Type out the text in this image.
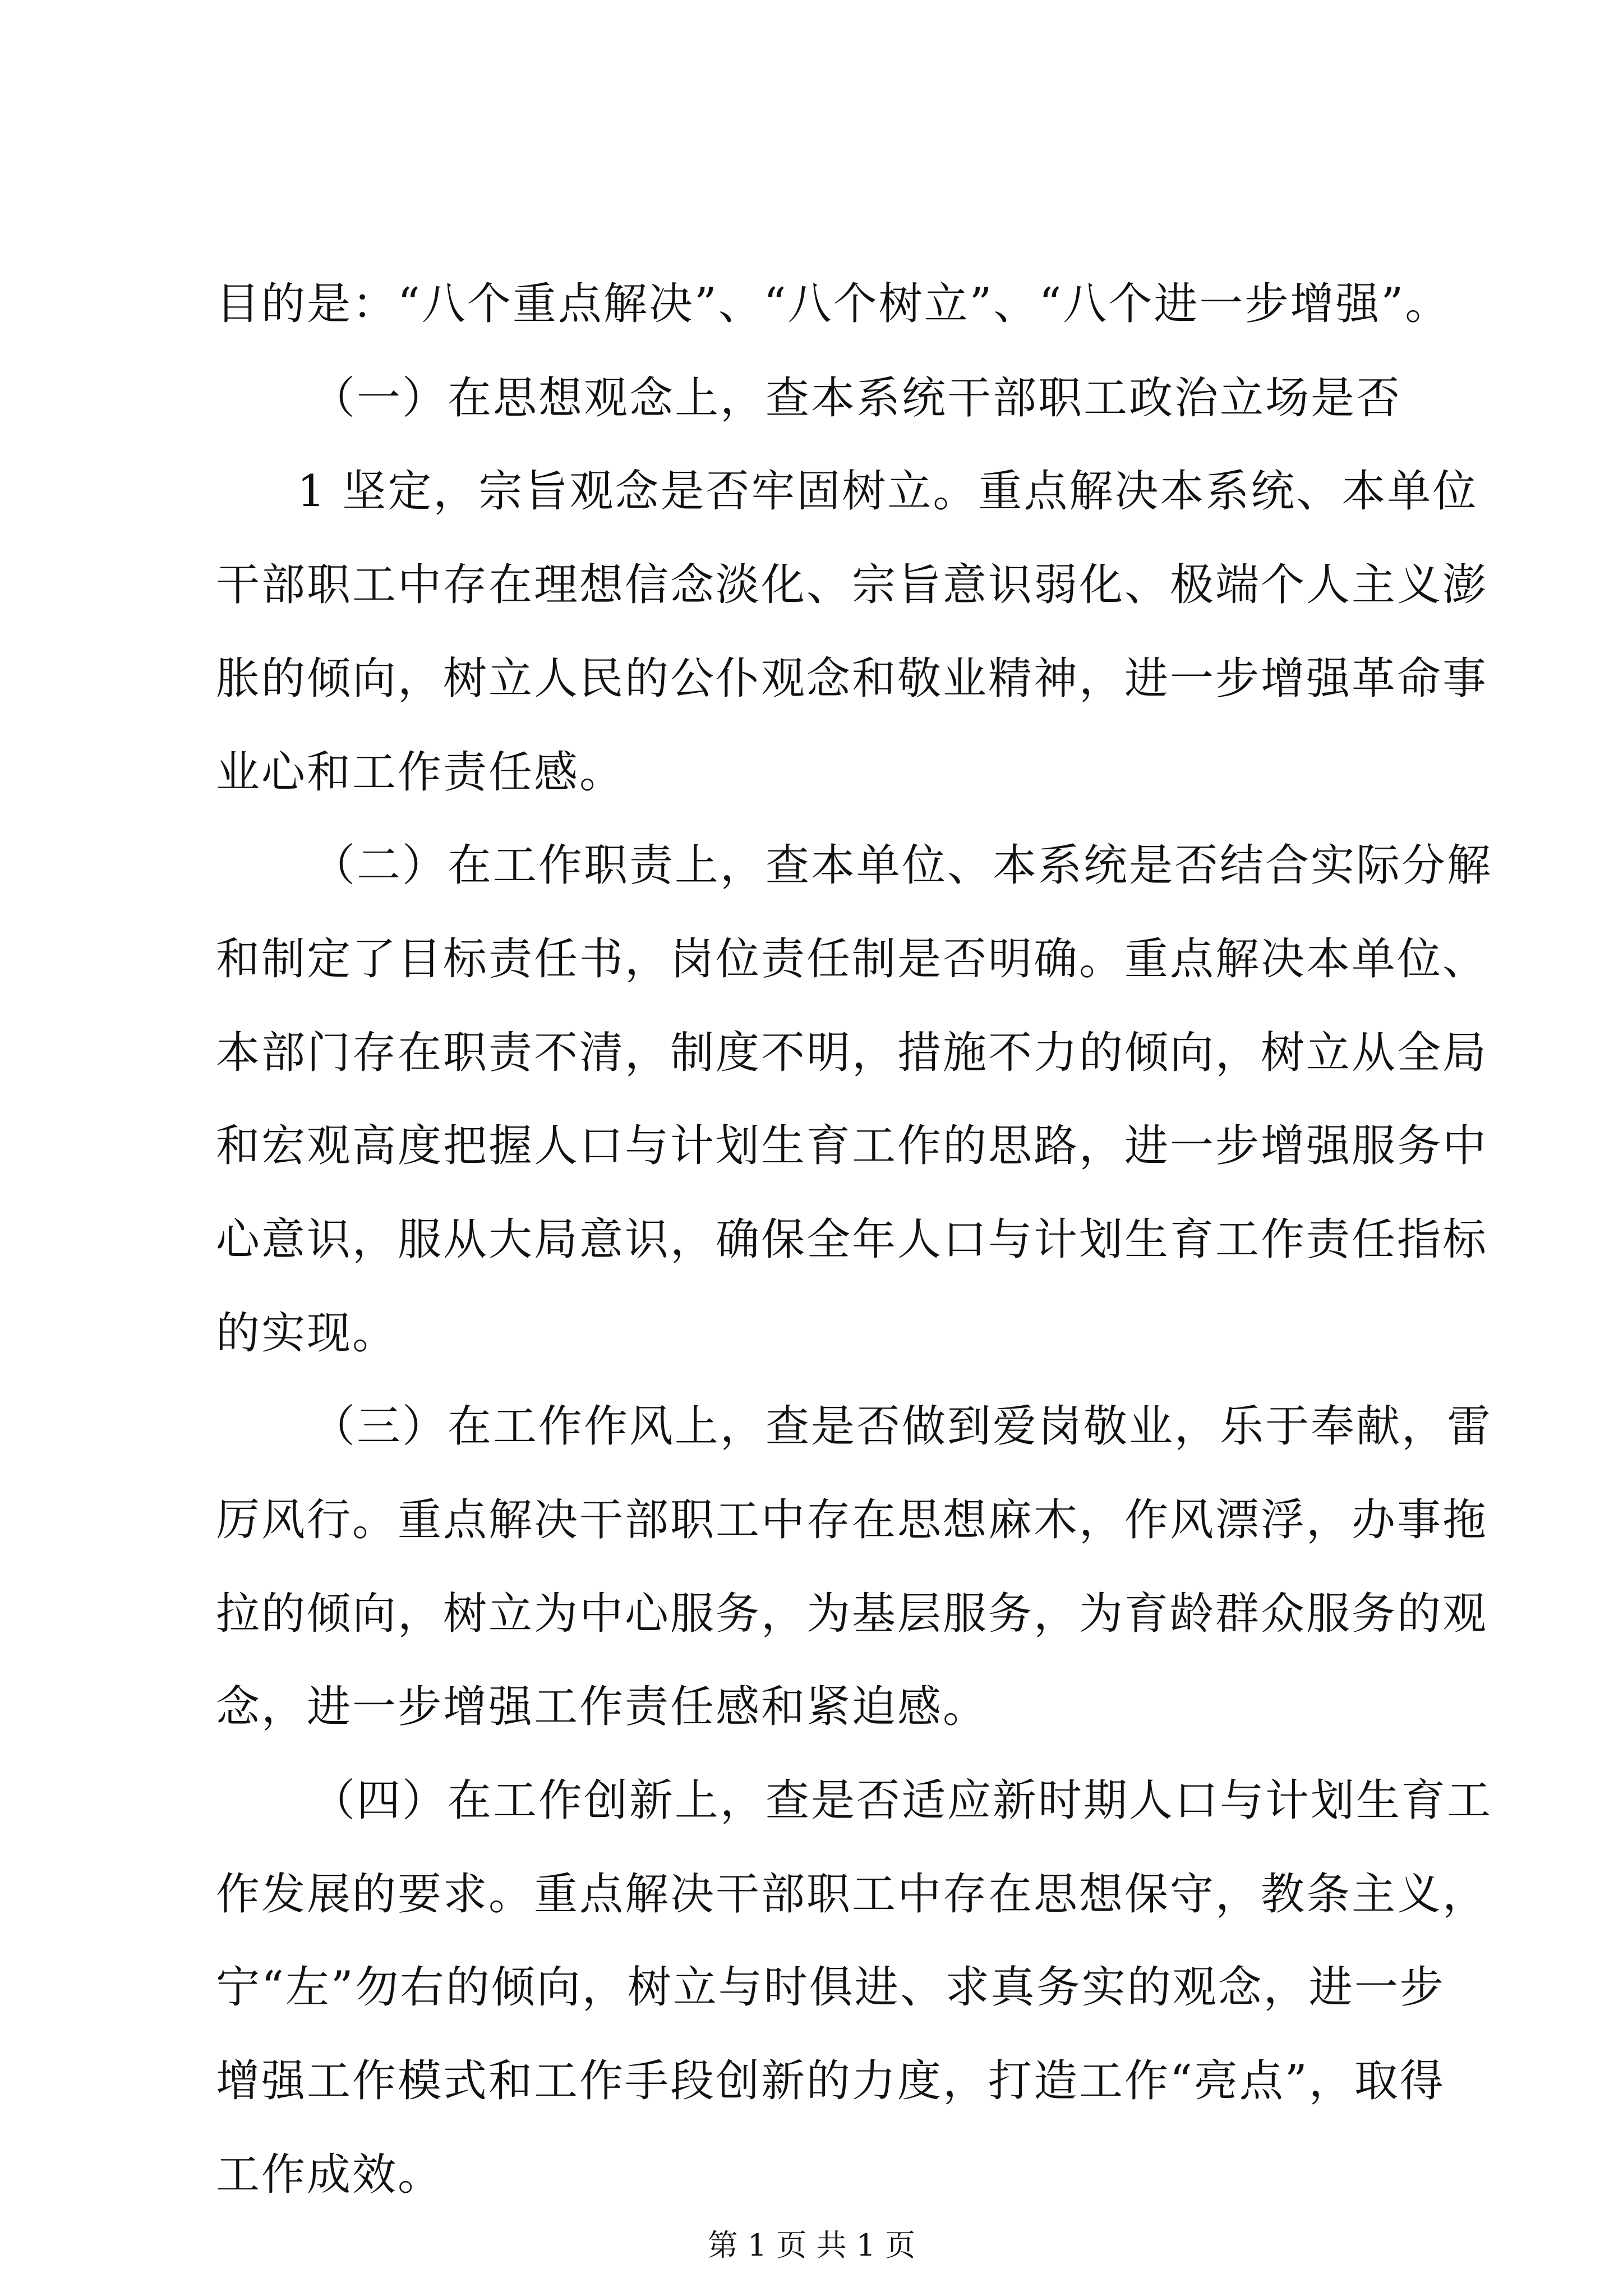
目的是：“八个重点解决”、“八个树立”、“八个进一步增强”。
（一）在思想观念上，查本系统干部职工政治立场是否
1 坚定，宗旨观念是否牢固树立。重点解决本系统、本单位
干部职工中存在理想信念淡化、宗旨意识弱化、极端个人主义澎
胀的倾向，树立人民的公仆观念和敬业精神，进一步增强革命事
业心和工作责任感。
（二）在工作职责上，查本单位、本系统是否结合实际分解
和制定了目标责任书，岗位责任制是否明确。重点解决本单位、
本部门存在职责不清，制度不明，措施不力的倾向，树立从全局
和宏观高度把握人口与计划生育工作的思路，进一步增强服务中
心意识，服从大局意识，确保全年人口与计划生育工作责任指标
的实现。
（三）在工作作风上，查是否做到爱岗敬业，乐于奉献，雷
厉风行。重点解决干部职工中存在思想麻木，作风漂浮，办事拖
拉的倾向，树立为中心服务，为基层服务，为育龄群众服务的观
念，进一步增强工作责任感和紧迫感。
（四）在工作创新上，查是否适应新时期人口与计划生育工
作发展的要求。重点解决干部职工中存在思想保守，教条主义，
宁“左”勿右的倾向，树立与时俱进、求真务实的观念，进一步
增强工作模式和工作手段创新的力度，打造工作“亮点”，取得
工作成效。
第 1 页 共 1 页
